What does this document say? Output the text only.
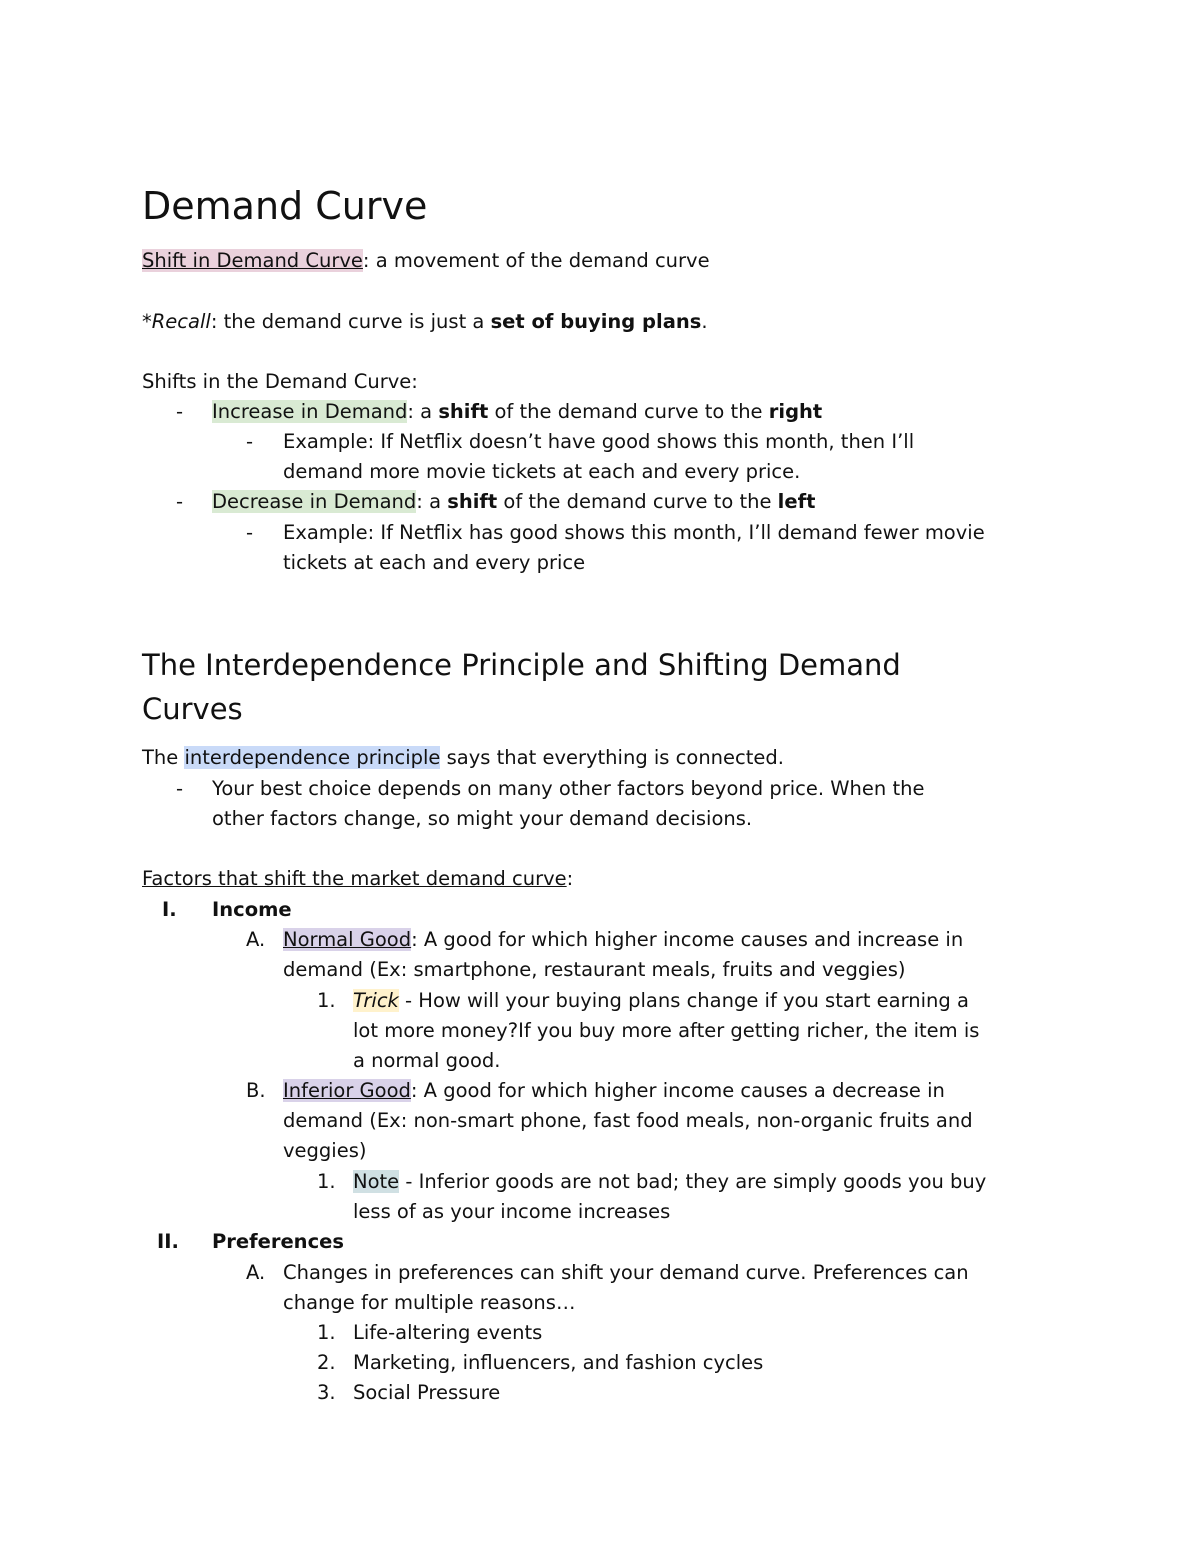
Demand Curve
Shift in Demand Curve: a movement of the demand curve
*Recall: the demand curve is just a set of buying plans.
Shifts in the Demand Curve:
- Increase in Demand: a shift of the demand curve to the right
- Example: If Netflix doesn’t have good shows this month, then I’ll
demand more movie tickets at each and every price.
- Decrease in Demand: a shift of the demand curve to the left
- Example: If Netflix has good shows this month, I’ll demand fewer movie
tickets at each and every price
The Interdependence Principle and Shifting Demand
Curves
The interdependence principle says that everything is connected.
- Your best choice depends on many other factors beyond price. When the
other factors change, so might your demand decisions.
Factors that shift the market demand curve:
I. Income
A. Normal Good: A good for which higher income causes and increase in
demand (Ex: smartphone, restaurant meals, fruits and veggies)
1. Trick - How will your buying plans change if you start earning a
lot more money?If you buy more after getting richer, the item is
a normal good.
B. Inferior Good: A good for which higher income causes a decrease in
demand (Ex: non-smart phone, fast food meals, non-organic fruits and
veggies)
1. Note - Inferior goods are not bad; they are simply goods you buy
less of as your income increases
II. Preferences
A. Changes in preferences can shift your demand curve. Preferences can
change for multiple reasons…
1. Life-altering events
2. Marketing, influencers, and fashion cycles
3. Social Pressure
